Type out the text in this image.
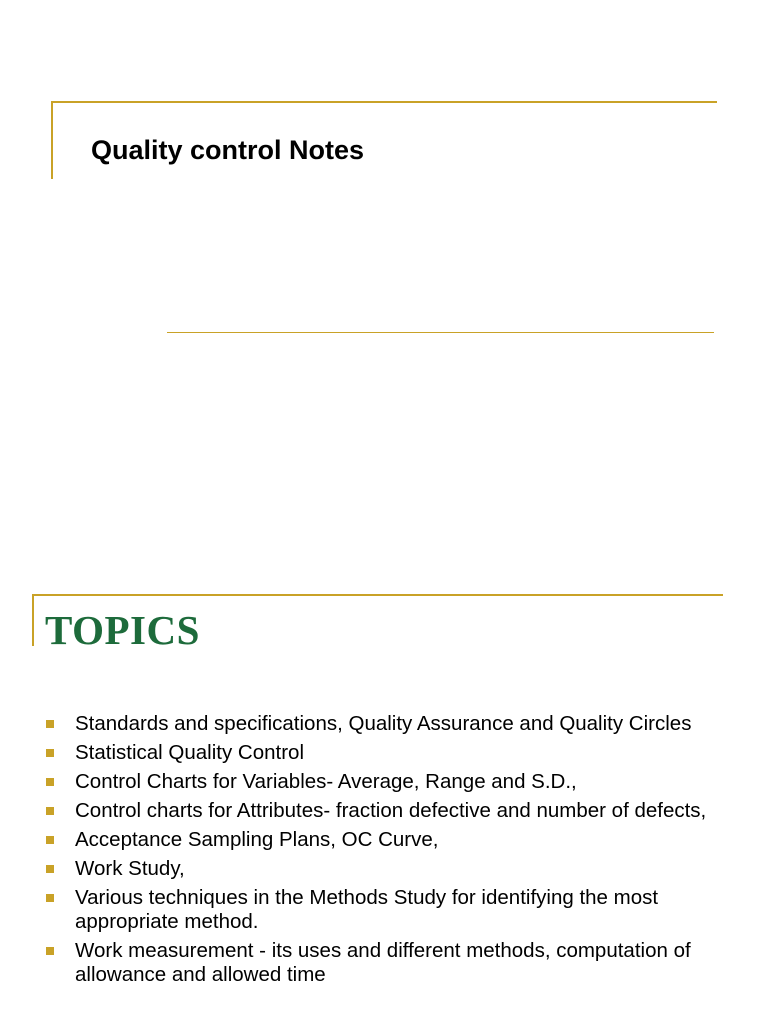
Quality control Notes
TOPICS
Standards and specifications, Quality Assurance and Quality Circles
Statistical Quality Control
Control Charts for Variables- Average, Range and S.D.,
Control charts for Attributes- fraction defective and number of defects,
Acceptance Sampling Plans, OC Curve,
Work Study,
Various techniques in the Methods Study for identifying the most appropriate method.
Work measurement - its uses and different methods, computation of allowance and allowed time
